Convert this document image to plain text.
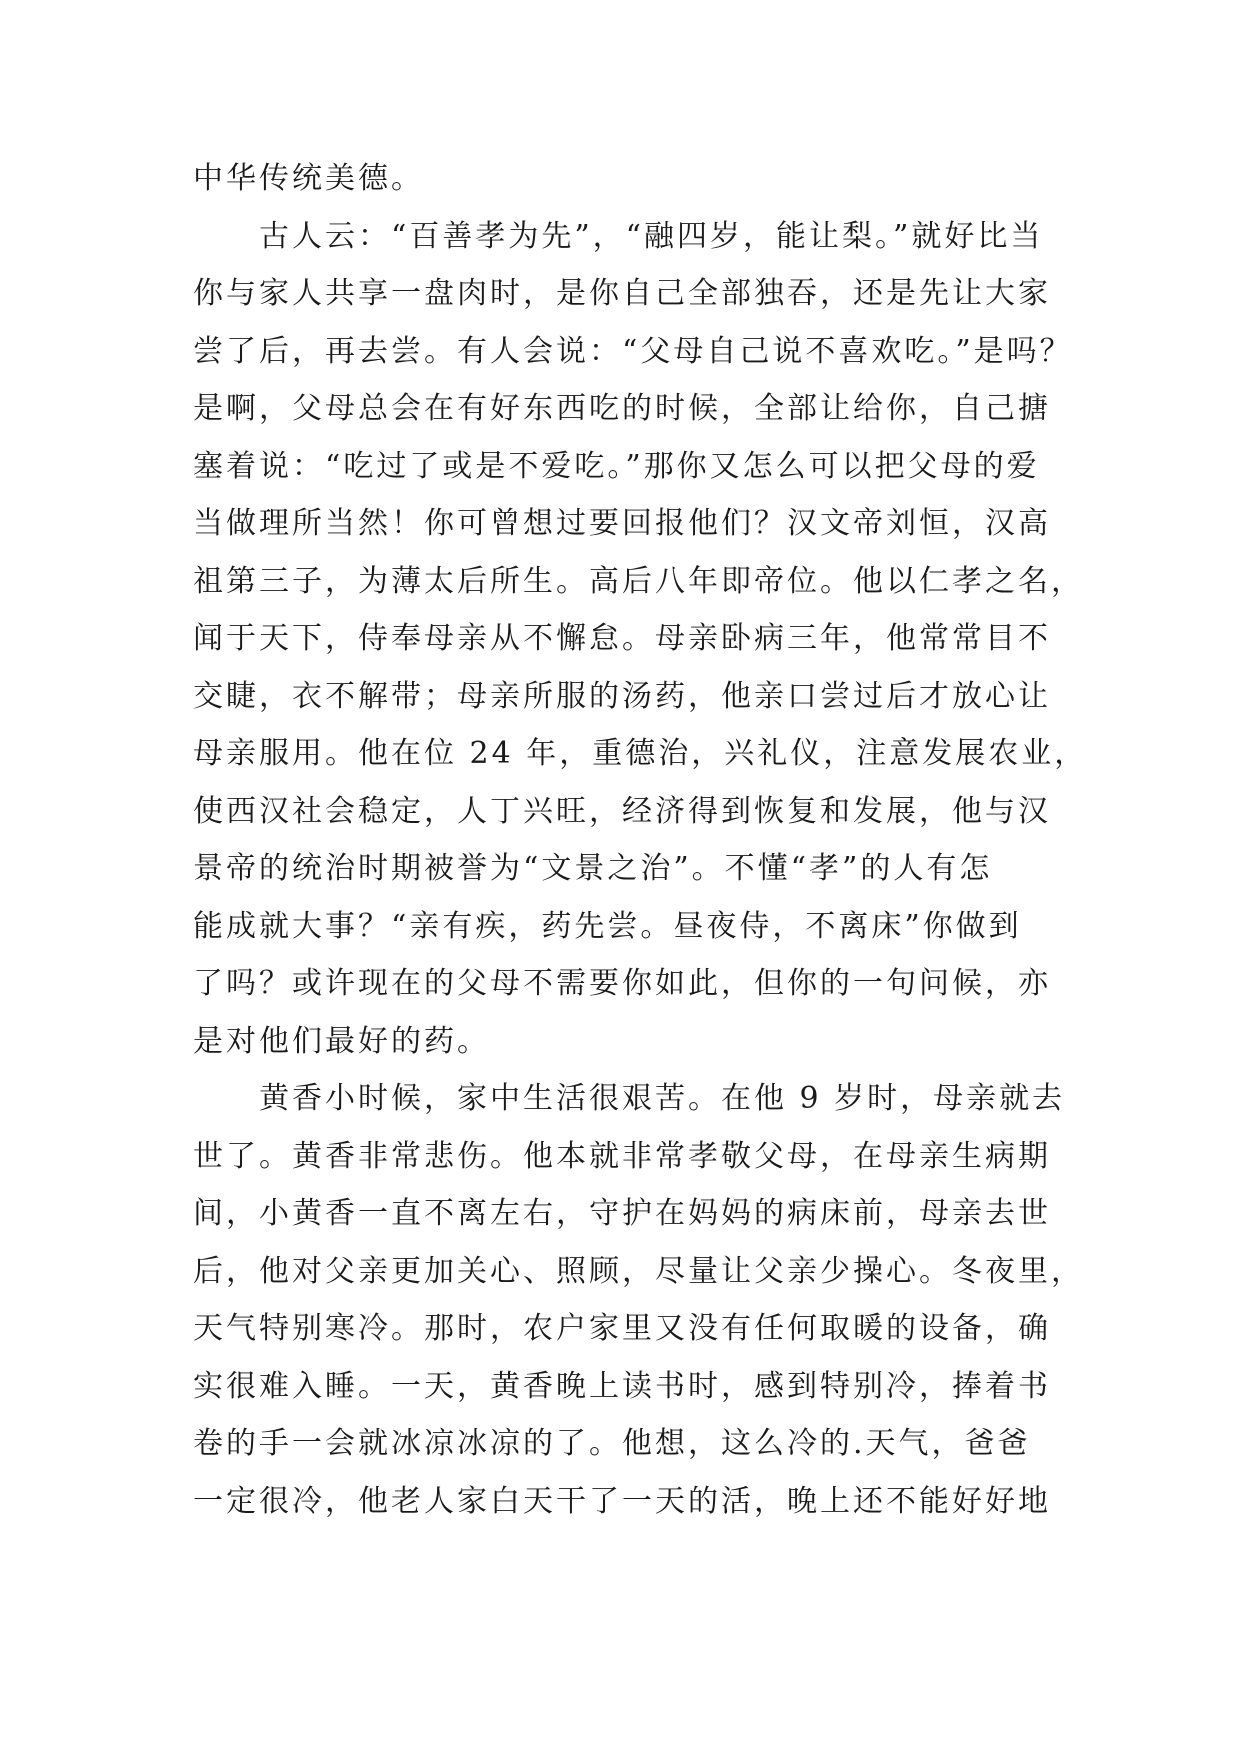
中华传统美德。
古人云：“百善孝为先”，“融四岁，能让梨。”就好比当
你与家人共享一盘肉时，是你自己全部独吞，还是先让大家
尝了后，再去尝。有人会说：“父母自己说不喜欢吃。”是吗？
是啊，父母总会在有好东西吃的时候，全部让给你，自己搪
塞着说：“吃过了或是不爱吃。”那你又怎么可以把父母的爱
当做理所当然！你可曾想过要回报他们？汉文帝刘恒，汉高
祖第三子，为薄太后所生。高后八年即帝位。他以仁孝之名，
闻于天下，侍奉母亲从不懈怠。母亲卧病三年，他常常目不
交睫，衣不解带；母亲所服的汤药，他亲口尝过后才放心让
母亲服用。他在位 24 年，重德治，兴礼仪，注意发展农业，
使西汉社会稳定，人丁兴旺，经济得到恢复和发展，他与汉
景帝的统治时期被誉为“文景之治”。不懂“孝”的人有怎
能成就大事？“亲有疾，药先尝。昼夜侍，不离床”你做到
了吗？或许现在的父母不需要你如此，但你的一句问候，亦
是对他们最好的药。
黄香小时候，家中生活很艰苦。在他 9 岁时，母亲就去
世了。黄香非常悲伤。他本就非常孝敬父母，在母亲生病期
间，小黄香一直不离左右，守护在妈妈的病床前，母亲去世
后，他对父亲更加关心、照顾，尽量让父亲少操心。冬夜里，
天气特别寒冷。那时，农户家里又没有任何取暖的设备，确
实很难入睡。一天，黄香晚上读书时，感到特别冷，捧着书
卷的手一会就冰凉冰凉的了。他想，这么冷的.天气，爸爸
一定很冷，他老人家白天干了一天的活，晚上还不能好好地
